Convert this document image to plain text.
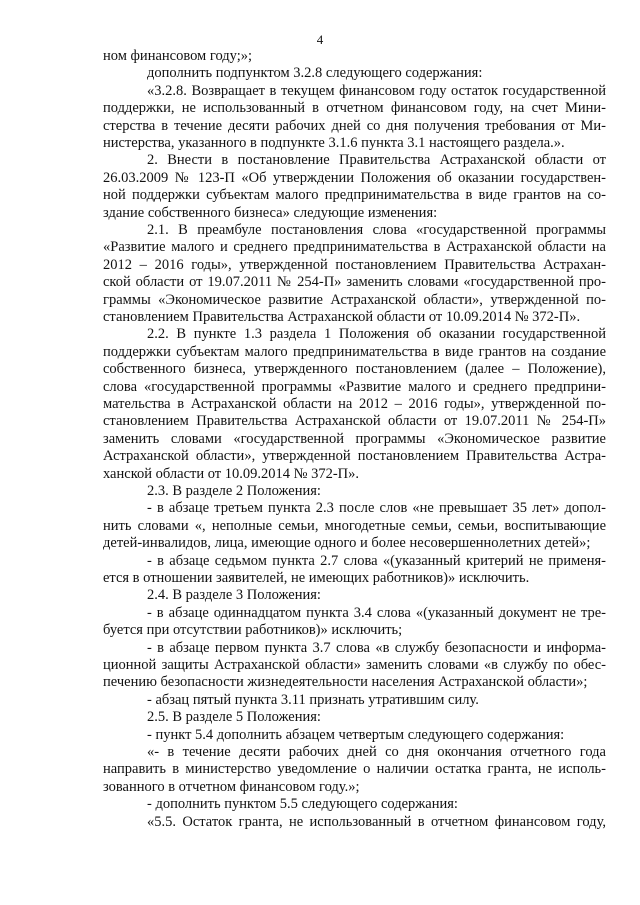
4
ном финансовом году;»;
дополнить подпунктом 3.2.8 следующего содержания:
«3.2.8. Возвращает в текущем финансовом году остаток государственной
поддержки, не использованный в отчетном финансовом году, на счет Мини-
стерства в течение десяти рабочих дней со дня получения требования от Ми-
нистерства, указанного в подпункте 3.1.6 пункта 3.1 настоящего раздела.».
2. Внести в постановление Правительства Астраханской области от
26.03.2009 № 123-П «Об утверждении Положения об оказании государствен-
ной поддержки субъектам малого предпринимательства в виде грантов на со-
здание собственного бизнеса» следующие изменения:
2.1. В преамбуле постановления слова «государственной программы
«Развитие малого и среднего предпринимательства в Астраханской области на
2012 – 2016 годы», утвержденной постановлением Правительства Астрахан-
ской области от 19.07.2011 № 254-П» заменить словами «государственной про-
граммы «Экономическое развитие Астраханской области», утвержденной по-
становлением Правительства Астраханской области от 10.09.2014 № 372-П».
2.2. В пункте 1.3 раздела 1 Положения об оказании государственной
поддержки субъектам малого предпринимательства в виде грантов на создание
собственного бизнеса, утвержденного постановлением (далее – Положение),
слова «государственной программы «Развитие малого и среднего предприни-
мательства в Астраханской области на 2012 – 2016 годы», утвержденной по-
становлением Правительства Астраханской области от 19.07.2011 № 254-П»
заменить словами «государственной программы «Экономическое развитие
Астраханской области», утвержденной постановлением Правительства Астра-
ханской области от 10.09.2014 № 372-П».
2.3. В разделе 2 Положения:
- в абзаце третьем пункта 2.3 после слов «не превышает 35 лет» допол-
нить словами «, неполные семьи, многодетные семьи, семьи, воспитывающие
детей-инвалидов, лица, имеющие одного и более несовершеннолетних детей»;
- в абзаце седьмом пункта 2.7 слова «(указанный критерий не применя-
ется в отношении заявителей, не имеющих работников)» исключить.
2.4. В разделе 3 Положения:
- в абзаце одиннадцатом пункта 3.4 слова «(указанный документ не тре-
буется при отсутствии работников)» исключить;
- в абзаце первом пункта 3.7 слова «в службу безопасности и информа-
ционной защиты Астраханской области» заменить словами «в службу по обес-
печению безопасности жизнедеятельности населения Астраханской области»;
- абзац пятый пункта 3.11 признать утратившим силу.
2.5. В разделе 5 Положения:
- пункт 5.4 дополнить абзацем четвертым следующего содержания:
«- в течение десяти рабочих дней со дня окончания отчетного года
направить в министерство уведомление о наличии остатка гранта, не исполь-
зованного в отчетном финансовом году.»;
- дополнить пунктом 5.5 следующего содержания:
«5.5. Остаток гранта, не использованный в отчетном финансовом году,
